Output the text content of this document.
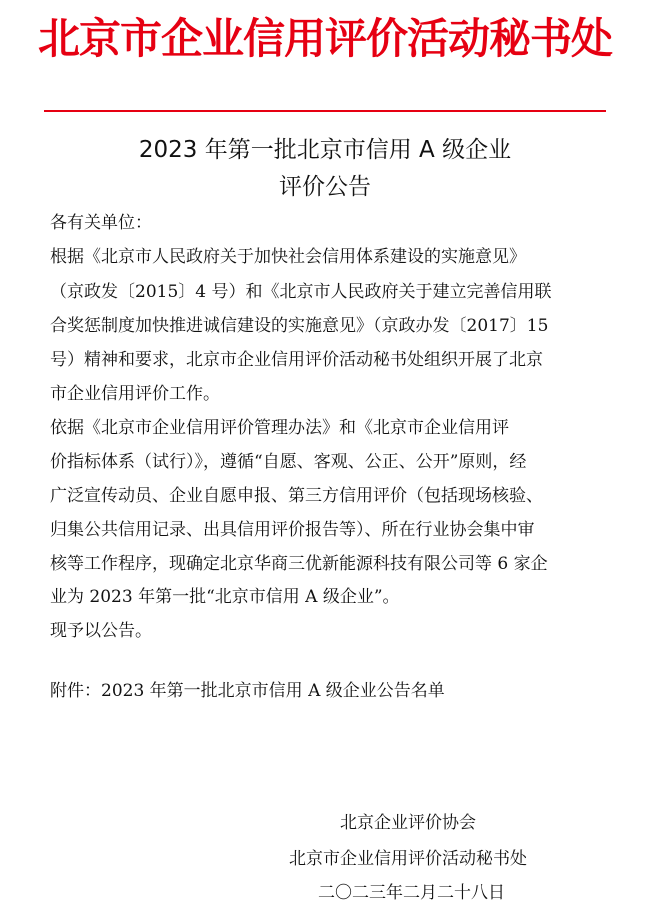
北京市企业信用评价活动秘书处
2023 年第一批北京市信用 A 级企业
评价公告
各有关单位：
根据《北京市人民政府关于加快社会信用体系建设的实施意见》
（京政发〔2015〕4 号）和《北京市人民政府关于建立完善信用联
合奖惩制度加快推进诚信建设的实施意见》（京政办发〔2017〕15
号）精神和要求，北京市企业信用评价活动秘书处组织开展了北京
市企业信用评价工作。
依据《北京市企业信用评价管理办法》和《北京市企业信用评
价指标体系（试行）》，遵循“自愿、客观、公正、公开”原则，经
广泛宣传动员、企业自愿申报、第三方信用评价（包括现场核验、
归集公共信用记录、出具信用评价报告等）、所在行业协会集中审
核等工作程序，现确定北京华商三优新能源科技有限公司等 6 家企
业为 2023 年第一批“北京市信用 A 级企业”。
现予以公告。
附件：2023 年第一批北京市信用 A 级企业公告名单
北京企业评价协会
北京市企业信用评价活动秘书处
二〇二三年二月二十八日
